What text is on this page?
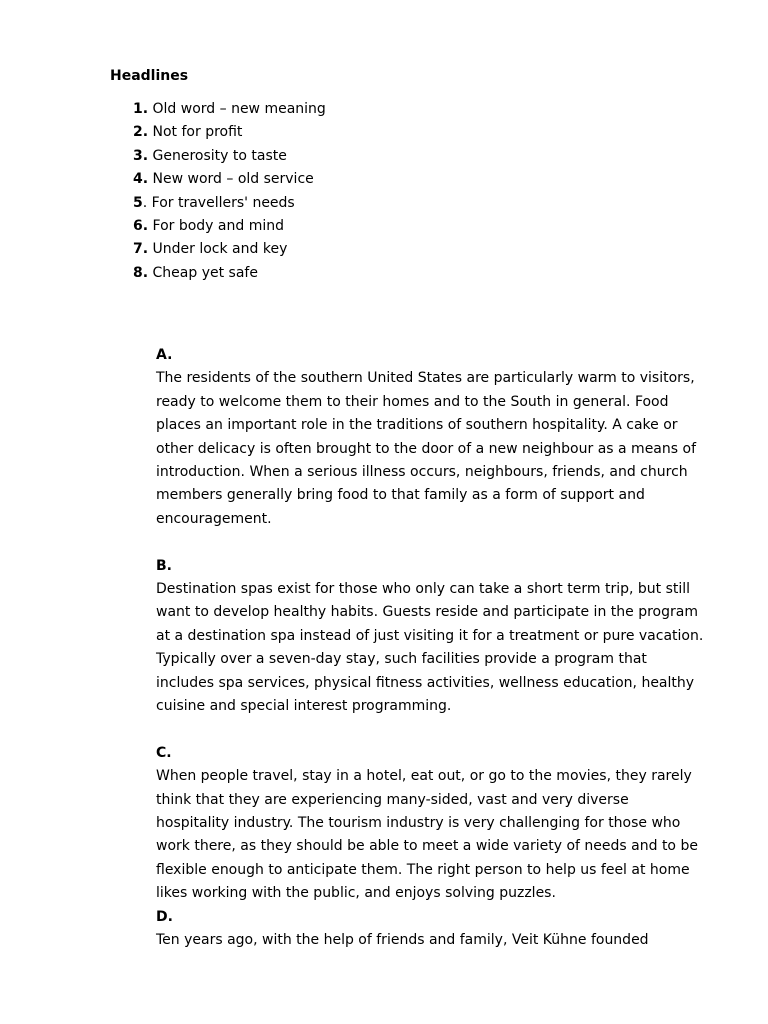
Headlines
1. Old word – new meaning
2. Not for profit
3. Generosity to taste
4. New word – old service
5. For travellers' needs
6. For body and mind
7. Under lock and key
8. Cheap yet safe
A.

The residents of the southern United States are particularly warm to visitors,
ready to welcome them to their homes and to the South in general. Food
places an important role in the traditions of southern hospitality. A cake or
other delicacy is often brought to the door of a new neighbour as a means of
introduction. When a serious illness occurs, neighbours, friends, and church
members generally bring food to that family as a form of support and
encouragement.

B.

Destination spas exist for those who only can take a short term trip, but still
want to develop healthy habits. Guests reside and participate in the program
at a destination spa instead of just visiting it for a treatment or pure vacation.
Typically over a seven-day stay, such facilities provide a program that
includes spa services, physical fitness activities, wellness education, healthy
cuisine and special interest programming.

C.

When people travel, stay in a hotel, eat out, or go to the movies, they rarely
think that they are experiencing many-sided, vast and very diverse
hospitality industry. The tourism industry is very challenging for those who
work there, as they should be able to meet a wide variety of needs and to be
flexible enough to anticipate them. The right person to help us feel at home
likes working with the public, and enjoys solving puzzles.

D.

Ten years ago, with the help of friends and family, Veit Kühne founded
